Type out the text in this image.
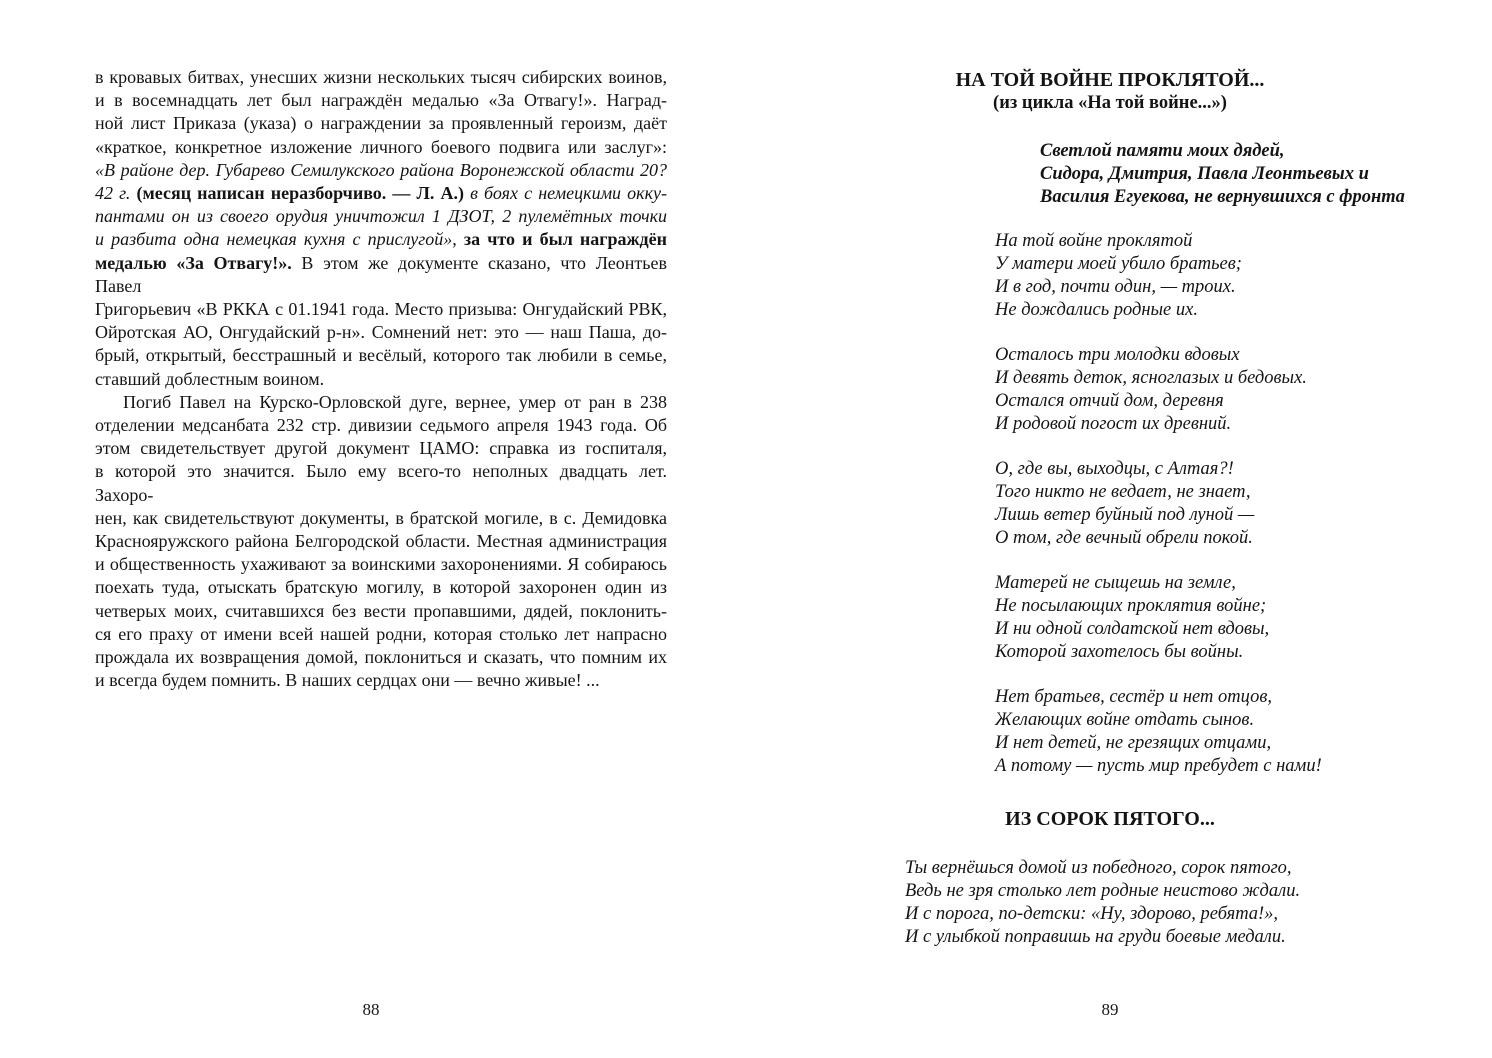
в кровавых битвах, унесших жизни нескольких тысяч сибирских воинов,
и в восемнадцать лет был награждён медалью «За Отвагу!». Наград-
ной лист Приказа (указа) о награждении за проявленный героизм, даёт
«краткое, конкретное изложение личного боевого подвига или заслуг»:
«В районе дер. Губарево Семилукского района Воронежской области 20?
42 г. (месяц написан неразборчиво. — Л. А.) в боях с немецкими окку-
пантами он из своего орудия уничтожил 1 ДЗОТ, 2 пулемётных точки
и разбита одна немецкая кухня с прислугой», за что и был награждён
медалью «За Отвагу!». В этом же документе сказано, что Леонтьев Павел
Григорьевич «В РККА с 01.1941 года. Место призыва: Онгудайский РВК,
Ойротская АО, Онгудайский р-н». Сомнений нет: это — наш Паша, до-
брый, открытый, бесстрашный и весёлый, которого так любили в семье,
ставший доблестным воином.
Погиб Павел на Курско-Орловской дуге, вернее, умер от ран в 238
отделении медсанбата 232 стр. дивизии седьмого апреля 1943 года. Об
этом свидетельствует другой документ ЦАМО: справка из госпиталя,
в которой это значится. Было ему всего-то неполных двадцать лет. Захоро-
нен, как свидетельствуют документы, в братской могиле, в с. Демидовка
Краснояружского района Белгородской области. Местная администрация
и общественность ухаживают за воинскими захоронениями. Я собираюсь
поехать туда, отыскать братскую могилу, в которой захоронен один из
четверых моих, считавшихся без вести пропавшими, дядей, поклонить-
ся его праху от имени всей нашей родни, которая столько лет напрасно
прождала их возвращения домой, поклониться и сказать, что помним их
и всегда будем помнить. В наших сердцах они — вечно живые! ...
НА ТОЙ ВОЙНЕ ПРОКЛЯТОЙ...
(из цикла «На той войне...»)
Светлой памяти моих дядей,
Сидора, Дмитрия, Павла Леонтьевых и
Василия Егуекова, не вернувшихся с фронта
На той войне проклятой
У матери моей убило братьев;
И в год, почти один, — троих.
Не дождались родные их.
Осталось три молодки вдовых
И девять деток, ясноглазых и бедовых.
Остался отчий дом, деревня
И родовой погост их древний.
О, где вы, выходцы, с Алтая?!
Того никто не ведает, не знает,
Лишь ветер буйный под луной —
О том, где вечный обрели покой.
Матерей не сыщешь на земле,
Не посылающих проклятия войне;
И ни одной солдатской нет вдовы,
Которой захотелось бы войны.
Нет братьев, сестёр и нет отцов,
Желающих войне отдать сынов.
И нет детей, не грезящих отцами,
А потому — пусть мир пребудет с нами!
ИЗ СОРОК ПЯТОГО...
Ты вернёшься домой из победного, сорок пятого,
Ведь не зря столько лет родные неистово ждали.
И с порога, по-детски: «Ну, здорово, ребята!»,
И с улыбкой поправишь на груди боевые медали.
88	89
